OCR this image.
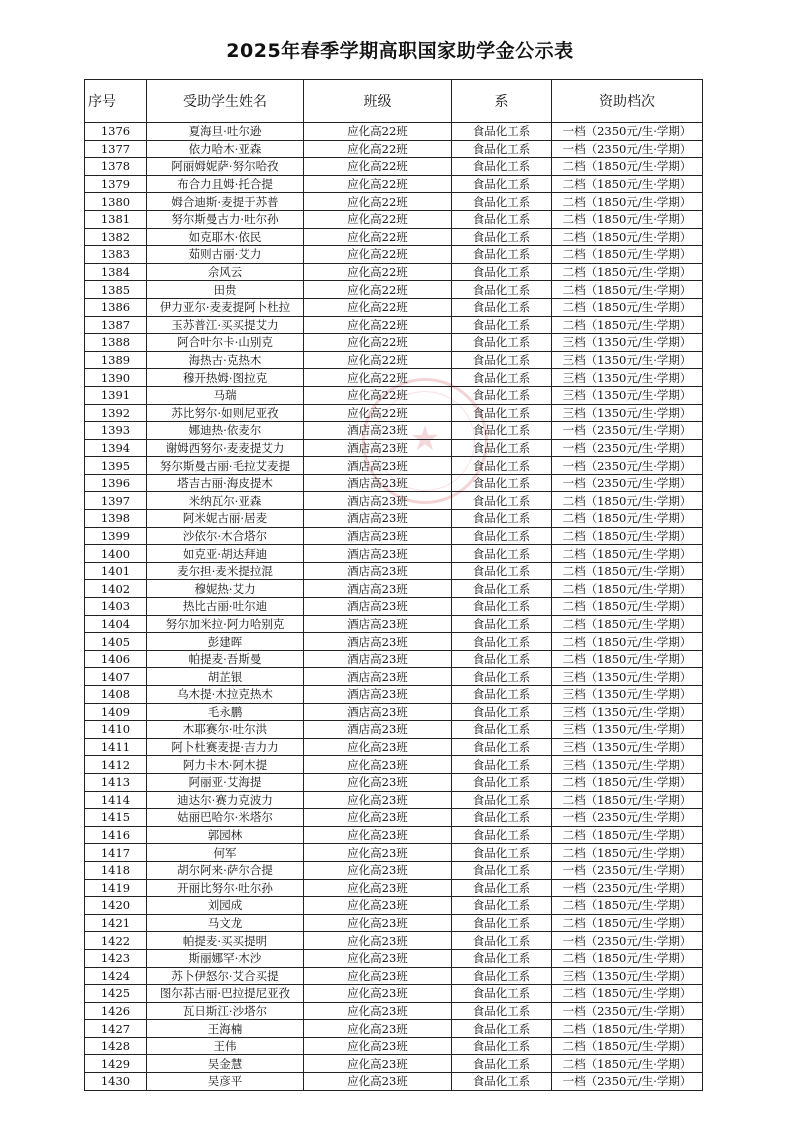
2025年春季学期高职国家助学金公示表
★
序号	受助学生姓名	班级	系	资助档次
1376	夏海旦·吐尔逊	应化高22班	食品化工系	一档（2350元/生·学期）
1377	依力哈木·亚森	应化高22班	食品化工系	一档（2350元/生·学期）
1378	阿丽姆妮萨·努尔哈孜	应化高22班	食品化工系	二档（1850元/生·学期）
1379	布合力且姆·托合提	应化高22班	食品化工系	二档（1850元/生·学期）
1380	姆合迪斯·麦提于苏普	应化高22班	食品化工系	二档（1850元/生·学期）
1381	努尔斯曼古力·吐尔孙	应化高22班	食品化工系	二档（1850元/生·学期）
1382	如克耶木·依民	应化高22班	食品化工系	二档（1850元/生·学期）
1383	茹则古丽·艾力	应化高22班	食品化工系	二档（1850元/生·学期）
1384	佘风云	应化高22班	食品化工系	二档（1850元/生·学期）
1385	田贵	应化高22班	食品化工系	二档（1850元/生·学期）
1386	伊力亚尔·麦麦提阿卜杜拉	应化高22班	食品化工系	二档（1850元/生·学期）
1387	玉苏普江·买买提艾力	应化高22班	食品化工系	二档（1850元/生·学期）
1388	阿合叶尔卡·山别克	应化高22班	食品化工系	三档（1350元/生·学期）
1389	海热古·克热木	应化高22班	食品化工系	三档（1350元/生·学期）
1390	穆开热姆·图拉克	应化高22班	食品化工系	三档（1350元/生·学期）
1391	马瑞	应化高22班	食品化工系	三档（1350元/生·学期）
1392	苏比努尔·如则尼亚孜	应化高22班	食品化工系	三档（1350元/生·学期）
1393	娜迪热·依麦尔	酒店高23班	食品化工系	一档（2350元/生·学期）
1394	谢姆西努尔·麦麦提艾力	酒店高23班	食品化工系	一档（2350元/生·学期）
1395	努尔斯曼古丽·毛拉艾麦提	酒店高23班	食品化工系	一档（2350元/生·学期）
1396	塔吉古丽·海皮提木	酒店高23班	食品化工系	一档（2350元/生·学期）
1397	米纳瓦尔·亚森	酒店高23班	食品化工系	二档（1850元/生·学期）
1398	阿米妮古丽·居麦	酒店高23班	食品化工系	二档（1850元/生·学期）
1399	沙依尔·木合塔尔	酒店高23班	食品化工系	二档（1850元/生·学期）
1400	如克亚·胡达拜迪	酒店高23班	食品化工系	二档（1850元/生·学期）
1401	麦尔担·麦米提拉混	酒店高23班	食品化工系	二档（1850元/生·学期）
1402	穆妮热·艾力	酒店高23班	食品化工系	二档（1850元/生·学期）
1403	热比古丽·吐尔迪	酒店高23班	食品化工系	二档（1850元/生·学期）
1404	努尔加米拉·阿力哈别克	酒店高23班	食品化工系	二档（1850元/生·学期）
1405	彭建晖	酒店高23班	食品化工系	二档（1850元/生·学期）
1406	帕提麦·吾斯曼	酒店高23班	食品化工系	二档（1850元/生·学期）
1407	胡芷银	酒店高23班	食品化工系	三档（1350元/生·学期）
1408	乌木提·木拉克热木	酒店高23班	食品化工系	三档（1350元/生·学期）
1409	毛永鹏	酒店高23班	食品化工系	三档（1350元/生·学期）
1410	木耶赛尔·吐尔洪	酒店高23班	食品化工系	三档（1350元/生·学期）
1411	阿卜杜赛麦提·吉力力	应化高23班	食品化工系	三档（1350元/生·学期）
1412	阿力卡木·阿木提	应化高23班	食品化工系	三档（1350元/生·学期）
1413	阿丽亚·艾海提	应化高23班	食品化工系	二档（1850元/生·学期）
1414	迪达尔·赛力克波力	应化高23班	食品化工系	二档（1850元/生·学期）
1415	姑丽巴哈尔·米塔尔	应化高23班	食品化工系	一档（2350元/生·学期）
1416	郭园林	应化高23班	食品化工系	二档（1850元/生·学期）
1417	何军	应化高23班	食品化工系	二档（1850元/生·学期）
1418	胡尔阿来·萨尔合提	应化高23班	食品化工系	一档（2350元/生·学期）
1419	开丽比努尔·吐尔孙	应化高23班	食品化工系	一档（2350元/生·学期）
1420	刘园成	应化高23班	食品化工系	二档（1850元/生·学期）
1421	马文龙	应化高23班	食品化工系	二档（1850元/生·学期）
1422	帕提麦·买买提明	应化高23班	食品化工系	一档（2350元/生·学期）
1423	斯丽娜罕·木沙	应化高23班	食品化工系	二档（1850元/生·学期）
1424	苏卜伊怒尔·艾合买提	应化高23班	食品化工系	三档（1350元/生·学期）
1425	图尔荪古丽·巴拉提尼亚孜	应化高23班	食品化工系	二档（1850元/生·学期）
1426	瓦日斯江·沙塔尔	应化高23班	食品化工系	一档（2350元/生·学期）
1427	王海楠	应化高23班	食品化工系	二档（1850元/生·学期）
1428	王伟	应化高23班	食品化工系	二档（1850元/生·学期）
1429	吴金慧	应化高23班	食品化工系	二档（1850元/生·学期）
1430	吴彦平	应化高23班	食品化工系	一档（2350元/生·学期）
